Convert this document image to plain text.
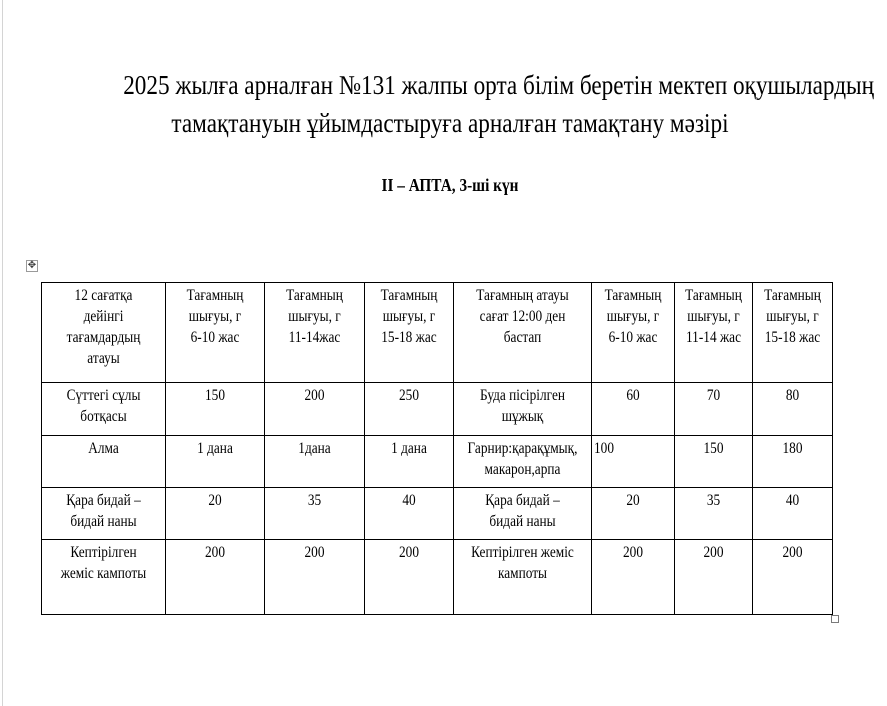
2025 жылға арналған №131 жалпы орта білім беретін мектеп оқушылардың
тамақтануын ұйымдастыруға арналған тамақтану мәзірі
ІІ – АПТА, 3-ші күн
✥
12 сағатқа
дейінгі
тағамдардың
атауы	Тағамның
шығуы, г
6-10 жас	Тағамның
шығуы, г
11-14жас	Тағамның
шығуы, г
15-18 жас	Тағамның атауы
сағат 12:00 ден
бастап	Тағамның
шығуы, г
6-10 жас	Тағамның
шығуы, г
11-14 жас	Тағамның
шығуы, г
15-18 жас

Сүттегі сұлы
ботқасы	150	200	250	Буда пісірілген
шұжық	60	70	80

Алма	1 дана	1дана	1 дана	Гарнир:қарақұмық,
макарон,арпа	100	150	180

Қара бидай –
бидай наны	20	35	40	Қара бидай –
бидай наны	20	35	40

Кептірілген
жеміс кампоты	200	200	200	Кептірілген жеміс
кампоты	200	200	200
